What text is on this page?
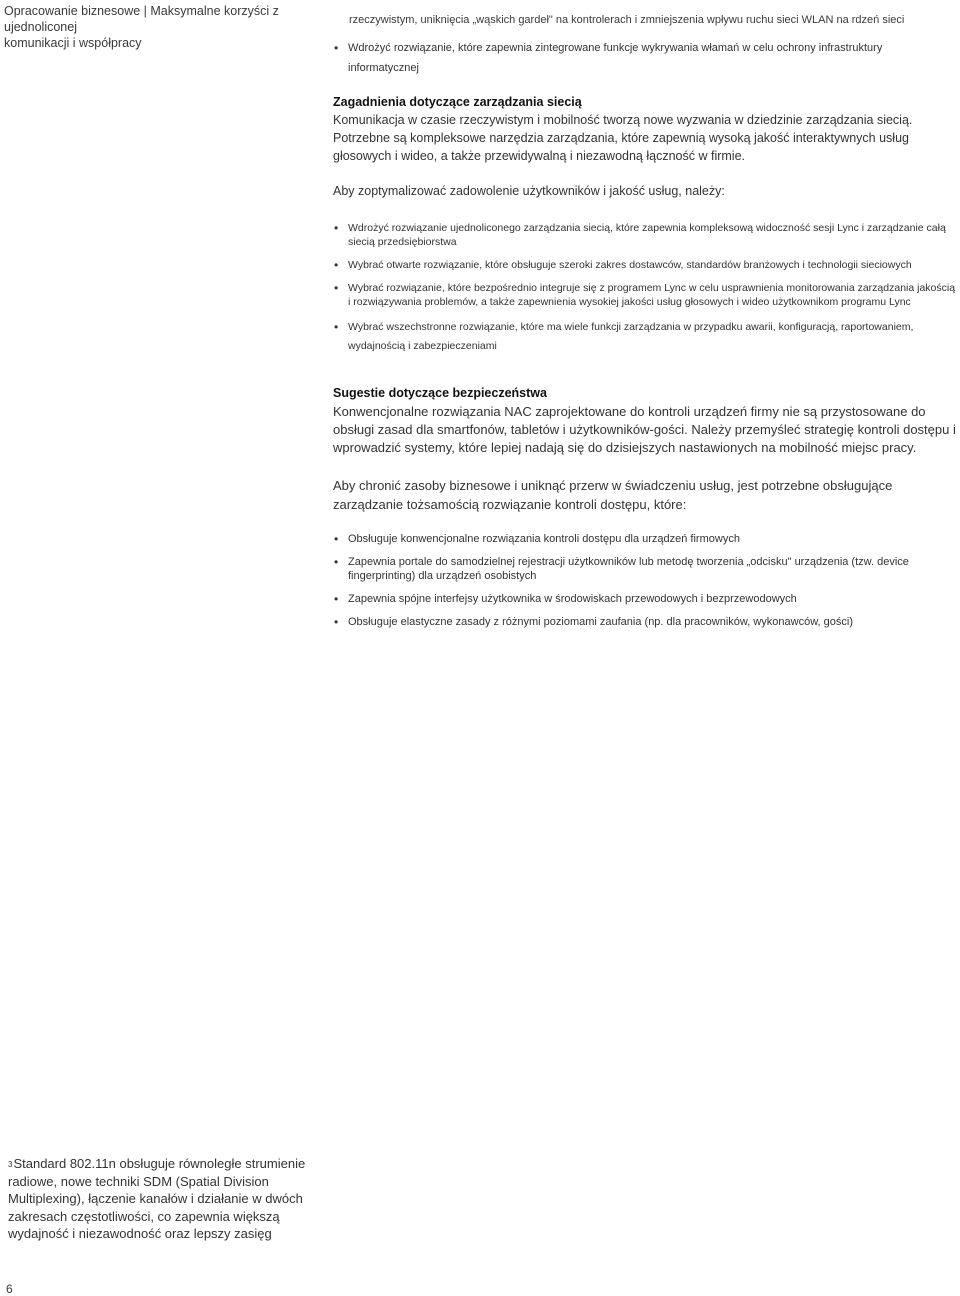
Opracowanie biznesowe | Maksymalne korzyści z ujednoliconej
komunikacji i współpracy
rzeczywistym, uniknięcia „wąskich gardeł" na kontrolerach i zmniejszenia wpływu ruchu sieci WLAN na rdzeń sieci
• Wdrożyć rozwiązanie, które zapewnia zintegrowane funkcje wykrywania włamań w celu ochrony infrastruktury informatycznej
Zagadnienia dotyczące zarządzania siecią
Komunikacja w czasie rzeczywistym i mobilność tworzą nowe wyzwania w dziedzinie zarządzania siecią. Potrzebne są kompleksowe narzędzia zarządzania, które zapewnią wysoką jakość interaktywnych usług głosowych i wideo, a także przewidywalną i niezawodną łączność w firmie.
Aby zoptymalizować zadowolenie użytkowników i jakość usług, należy:
• Wdrożyć rozwiązanie ujednoliconego zarządzania siecią, które zapewnia kompleksową widoczność sesji Lync i zarządzanie całą siecią przedsiębiorstwa
• Wybrać otwarte rozwiązanie, które obsługuje szeroki zakres dostawców, standardów branżowych i technologii sieciowych
• Wybrać rozwiązanie, które bezpośrednio integruje się z programem Lync w celu usprawnienia monitorowania zarządzania jakością i rozwiązywania problemów, a także zapewnienia wysokiej jakości usług głosowych i wideo użytkownikom programu Lync
• Wybrać wszechstronne rozwiązanie, które ma wiele funkcji zarządzania w przypadku awarii, konfiguracją, raportowaniem, wydajnością i zabezpieczeniami
Sugestie dotyczące bezpieczeństwa
Konwencjonalne rozwiązania NAC zaprojektowane do kontroli urządzeń firmy nie są przystosowane do obsługi zasad dla smartfonów, tabletów i użytkowników-gości. Należy przemyśleć strategię kontroli dostępu i wprowadzić systemy, które lepiej nadają się do dzisiejszych nastawionych na mobilność miejsc pracy.
Aby chronić zasoby biznesowe i uniknąć przerw w świadczeniu usług, jest potrzebne obsługujące zarządzanie tożsamością rozwiązanie kontroli dostępu, które:
• Obsługuje konwencjonalne rozwiązania kontroli dostępu dla urządzeń firmowych
• Zapewnia portale do samodzielnej rejestracji użytkowników lub metodę tworzenia „odcisku" urządzenia (tzw. device fingerprinting) dla urządzeń osobistych
• Zapewnia spójne interfejsy użytkownika w środowiskach przewodowych i bezprzewodowych
• Obsługuje elastyczne zasady z różnymi poziomami zaufania (np. dla pracowników, wykonawców, gości)
$^3$Standard 802.11n obsługuje równoległe strumienie radiowe, nowe techniki SDM (Spatial Division Multiplexing), łączenie kanałów i działanie w dwóch zakresach częstotliwości, co zapewnia większą wydajność i niezawodność oraz lepszy zasięg
6
